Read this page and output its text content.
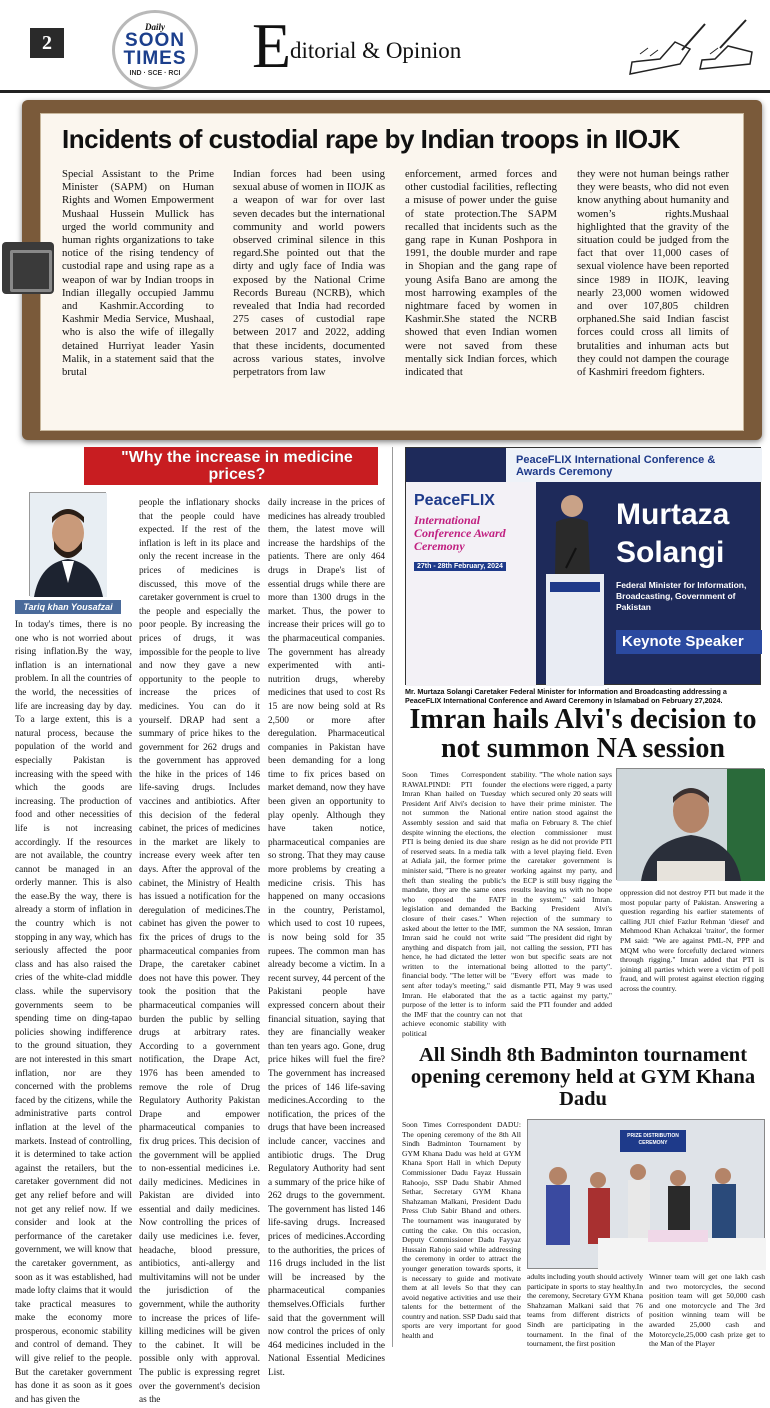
2
Daily
SOON TIMES
IND · SCE · RCI E
ditorial & Opinion
Incidents of custodial rape by Indian troops in IIOJK
Special Assistant to the Prime Minister (SAPM) on Human Rights and Women Empowerment Mushaal Hussein Mullick has urged the world community and human rights organizations to take notice of the rising tendency of custodial rape and using rape as a weapon of war by Indian troops in Indian illegally occupied Jammu and Kashmir.According to Kashmir Media Service, Mushaal, who is also the wife of illegally detained Hurriyat leader Yasin Malik, in a statement said that the brutal
Indian forces had been using sexual abuse of women in IIOJK as a weapon of war for over last seven decades but the international community and world powers observed criminal silence in this regard.She pointed out that the dirty and ugly face of India was exposed by the National Crime Records Bureau (NCRB), which revealed that India had recorded 275 cases of custodial rape between 2017 and 2022, adding that these incidents, documented across various states, involve perpetrators from law
enforcement, armed forces and other custodial facilities, reflecting a misuse of power under the guise of state protection.The SAPM recalled that incidents such as the gang rape in Kunan Poshpora in 1991, the double murder and rape in Shopian and the gang rape of young Asifa Bano are among the most harrowing examples of the nightmare faced by women in Kashmir.She stated the NCRB showed that even Indian women were not saved from these mentally sick Indian forces, which indicated that
they were not human beings rather they were beasts, who did not even know anything about humanity and women’s rights.Mushaal highlighted that the gravity of the situation could be judged from the fact that over 11,000 cases of sexual violence have been reported since 1989 in IIOJK, leaving nearly 23,000 women widowed and over 107,805 children orphaned.She said Indian fascist forces could cross all limits of brutalities and inhuman acts but they could not dampen the courage of Kashmiri freedom fighters.
"Why the increase in medicine prices?
Tariq khan Yousafzai
In today's times, there is no one who is not worried about rising inflation.By the way, inflation is an international problem. In all the countries of the world, the necessities of life are increasing day by day. To a large extent, this is a natural process, because the population of the world and especially Pakistan is increasing with the speed with which the goods are increasing. The production of food and other necessities of life is not increasing accordingly. If the resources are not available, the country cannot be managed in an orderly manner. This is also the ease.By the way, there is already a storm of inflation in the country which is not stopping in any way, which has seriously affected the poor class and has also raised the cries of the white-clad middle class. while the supervisory governments seem to be spending time on ding-tapao policies showing indifference to the ground situation, they are not interested in this smart inflation, nor are they concerned with the problems faced by the citizens, while the administrative parts control inflation at the level of the markets. Instead of controlling, it is determined to take action against the retailers, but the caretaker government did not get any relief before and will not get any relief now. If we consider and look at the performance of the caretaker government, we will know that the caretaker government, as soon as it was established, had made lofty claims that it would take practical measures to make the economy more prosperous, economic stability and control of demand. They will give relief to the people. But the caretaker government has done it as soon as it goes and has given the
people the inflationary shocks that the people could have expected. If the rest of the inflation is left in its place and only the recent increase in the prices of medicines is discussed, this move of the caretaker government is cruel to the people and especially the poor people. By increasing the prices of drugs, it was impossible for the people to live and now they gave a new opportunity to the people to increase the prices of medicines. You can do it yourself. DRAP had sent a summary of price hikes to the government for 262 drugs and the government has approved the hike in the prices of 146 life-saving drugs. Includes vaccines and antibiotics. After this decision of the federal cabinet, the prices of medicines in the market are likely to increase every week after ten days. After the approval of the cabinet, the Ministry of Health has issued a notification for the deregulation of medicines.The cabinet has given the power to fix the prices of drugs to the pharmaceutical companies from Drape, the caretaker cabinet does not have this power. They took the position that the pharmaceutical companies will burden the public by selling drugs at arbitrary rates. According to a government notification, the Drape Act, 1976 has been amended to remove the role of Drug Regulatory Authority Pakistan Drape and empower pharmaceutical companies to fix drug prices. This decision of the government will be applied to non-essential medicines i.e. daily medicines. Medicines in Pakistan are divided into essential and daily medicines. Now controlling the prices of daily use medicines i.e. fever, headache, blood pressure, antibiotics, anti-allergy and multivitamins will not be under the jurisdiction of the government, while the authority to increase the prices of life-killing medicines will be given to the cabinet. It will be possible only with approval. The public is expressing regret over the government's decision as the
daily increase in the prices of medicines has already troubled them, the latest move will increase the hardships of the patients. There are only 464 drugs in Drape's list of essential drugs while there are more than 1300 drugs in the market. Thus, the power to increase their prices will go to the pharmaceutical companies. The government has already experimented with anti-nutrition drugs, whereby medicines that used to cost Rs 15 are now being sold at Rs 2,500 or more after deregulation. Pharmaceutical companies in Pakistan have been demanding for a long time to fix prices based on market demand, now they have been given an opportunity to play openly. Although they have taken notice, pharmaceutical companies are so strong. That they may cause more problems by creating a medicine crisis. This has happened on many occasions in the country, Peristamol, which used to cost 10 rupees, is now being sold for 35 rupees. The common man has already become a victim. In a recent survey, 44 percent of the Pakistani people have expressed concern about their financial situation, saying that they are financially weaker than ten years ago. Gone, drug price hikes will fuel the fire?The government has increased the prices of 146 life-saving medicines.According to the notification, the prices of the drugs that have been increased include cancer, vaccines and antibiotic drugs. The Drug Regulatory Authority had sent a summary of the price hike of 262 drugs to the government. The government has listed 146 life-saving drugs. Increased prices of medicines.According to the authorities, the prices of 116 drugs included in the list will be increased by the pharmaceutical companies themselves.Officials further said that the government will now control the prices of only 464 medicines included in the National Essential Medicines List.
PeaceFLIX International Conference & Awards Ceremony
PeaceFLIX
International Conference Award Ceremony
27th - 28th February, 2024
Murtaza
Solangi
Federal Minister for Information, Broadcasting, Government of Pakistan
Keynote Speaker
Mr. Murtaza Solangi Caretaker Federal Minister for Information and Broadcasting addressing a PeaceFLIX International Conference and Award Ceremony in Islamabad on February 27,2024.
Imran hails Alvi's decision to not summon NA session
Soon Times Correspondent RAWALPINDI: PTI founder Imran Khan hailed on Tuesday President Arif Alvi's decision to not summon the National Assembly session and said that despite winning the elections, the PTI is being denied its due share of reserved seats. In a media talk at Adiala jail, the former prime minister said, "There is no greater theft than stealing the public's mandate, they are the same ones who opposed the FATF legislation and demanded the closure of their cases." When asked about the letter to the IMF, Imran said he could not write anything and dispatch from jail, hence, he had dictated the letter written to the international financial body. "The letter will be sent after today's meeting," said Imran. He elaborated that the purpose of the letter is to inform the IMF that the country can not achieve economic stability with political
stability. "The whole nation says the elections were rigged, a party which secured only 20 seats will have their prime minister. The entire nation stood against the mafia on February 8. The chief election commissioner must resign as he did not provide PTI with a level playing field. Even the caretaker government is working against my party, and the ECP is still busy rigging the results leaving us with no hope in the system," said Imran. Backing President Alvi's rejection of the summary to summon the NA session, Imran said "The president did right by not calling the session, PTI has won but specific seats are not being allotted to the party". "Every effort was made to dismantle PTI, May 9 was used as a tactic against my party," said the PTI founder and added that
oppression did not destroy PTI but made it the most popular party of Pakistan. Answering a question regarding his earlier statements of calling JUI chief Fazlur Rehman 'diesel' and Mehmood Khan Achakzai 'traitor', the former PM said: "We are against PML-N, PPP and MQM who were forcefully declared winners through rigging." Imran added that PTI is joining all parties which were a victim of poll fraud, and will protest against election rigging across the country.
All Sindh 8th Badminton tournament opening ceremony held at GYM Khana Dadu
Soon Times Correspondent DADU: The opening ceremony of the 8th All Sindh Badminton Tournament by GYM Khana Dadu was held at GYM Khana Sport Hall in which Deputy Commissioner Dadu Fayaz Hussain Rahoojo, SSP Dadu Shabir Ahmed Sethar, Secretary GYM Khana Shahzaman Malkani, President Dadu Press Club Sabir Bhand and others. The tournament was inaugurated by cutting the cake. On this occasion, Deputy Commissioner Dadu Fayyaz Hussain Rahojo said while addressing the ceremony in order to attract the younger generation towards sports, it is necessary to guide and motivate them at all levels So that they can avoid negative activities and use their talents for the betterment of the country and nation. SSP Dadu said that sports are very important for good health and
PRIZE DISTRIBUTION CEREMONY
adults including youth should actively participate in sports to stay healthy.In the ceremony, Secretary GYM Khana Shahzaman Malkani said that 76 teams from different districts of Sindh are participating in the tournament. In the final of the tournament, the first position
Winner team will get one lakh cash and two motorcycles, the second position team will get 50,000 cash and one motorcycle and The 3rd position winning team will be awarded 25,000 cash and Motorcycle,25,000 cash prize get to the Man of the Player
